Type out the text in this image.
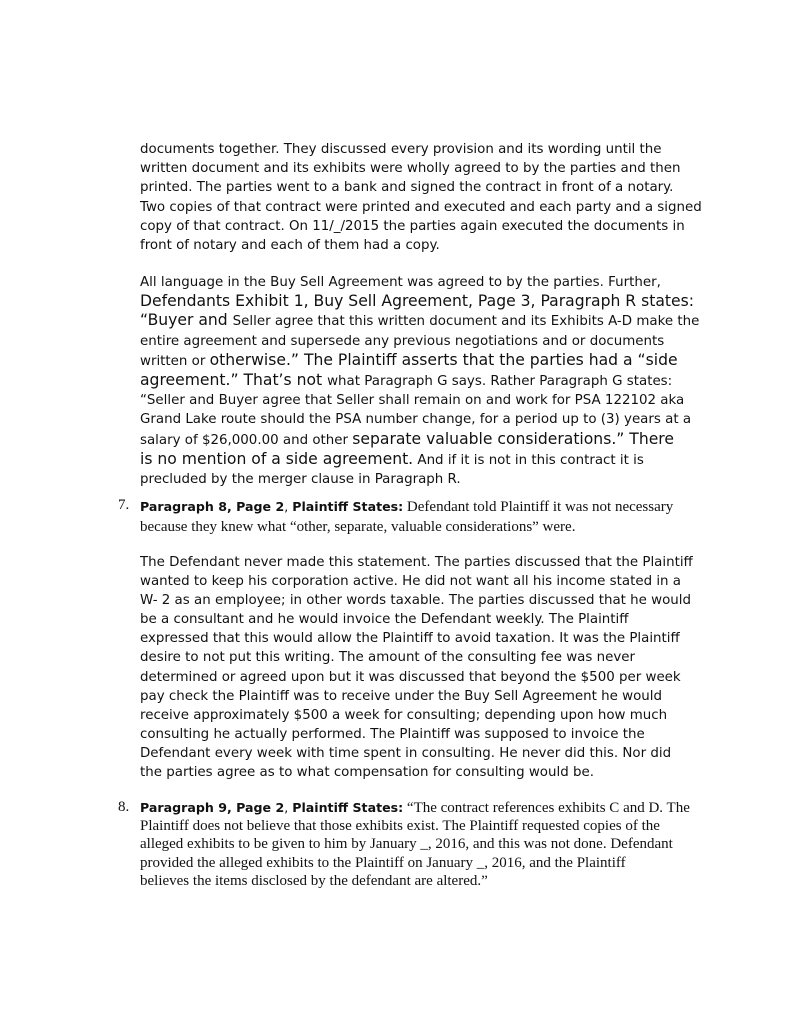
documents together. They discussed every provision and its wording until the
written document and its exhibits were wholly agreed to by the parties and then
printed. The parties went to a bank and signed the contract in front of a notary.
Two copies of that contract were printed and executed and each party and a signed
copy of that contract. On 11/_/2015 the parties again executed the documents in
front of notary and each of them had a copy.
All language in the Buy Sell Agreement was agreed to by the parties. Further,
Defendants Exhibit 1, Buy Sell Agreement, Page 3, Paragraph R states:
“Buyer and Seller agree that this written document and its Exhibits A-D make the
entire agreement and supersede any previous negotiations and or documents
written or otherwise.” The Plaintiff asserts that the parties had a “side
agreement.” That’s not what Paragraph G says. Rather Paragraph G states:
“Seller and Buyer agree that Seller shall remain on and work for PSA 122102 aka
Grand Lake route should the PSA number change, for a period up to (3) years at a
salary of $26,000.00 and other separate valuable considerations.” There
is no mention of a side agreement. And if it is not in this contract it is
precluded by the merger clause in Paragraph R.
7. Paragraph 8, Page 2, Plaintiff States: Defendant told Plaintiff it was not necessary
because they knew what “other, separate, valuable considerations” were.
The Defendant never made this statement. The parties discussed that the Plaintiff
wanted to keep his corporation active. He did not want all his income stated in a
W- 2 as an employee; in other words taxable. The parties discussed that he would
be a consultant and he would invoice the Defendant weekly. The Plaintiff
expressed that this would allow the Plaintiff to avoid taxation. It was the Plaintiff
desire to not put this writing. The amount of the consulting fee was never
determined or agreed upon but it was discussed that beyond the $500 per week
pay check the Plaintiff was to receive under the Buy Sell Agreement he would
receive approximately $500 a week for consulting; depending upon how much
consulting he actually performed. The Plaintiff was supposed to invoice the
Defendant every week with time spent in consulting. He never did this. Nor did
the parties agree as to what compensation for consulting would be.
8. Paragraph 9, Page 2, Plaintiff States: “The contract references exhibits C and D. The
Plaintiff does not believe that those exhibits exist. The Plaintiff requested copies of the
alleged exhibits to be given to him by January _, 2016, and this was not done. Defendant
provided the alleged exhibits to the Plaintiff on January _, 2016, and the Plaintiff
believes the items disclosed by the defendant are altered.”
